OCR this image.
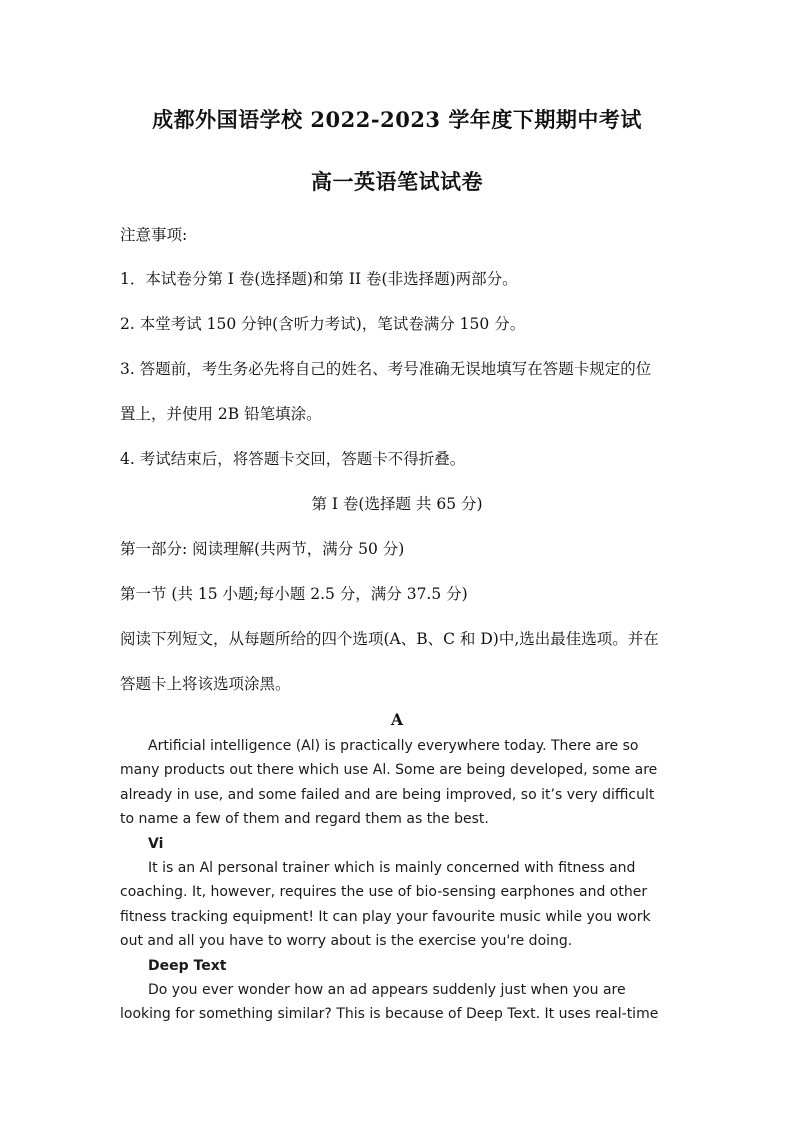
成都外国语学校 2022-2023 学年度下期期中考试
高一英语笔试试卷
注意事项:
1．本试卷分第 I 卷(选择题)和第 II 卷(非选择题)两部分。
2. 本堂考试 150 分钟(含听力考试)，笔试卷满分 150 分。
3. 答题前，考生务必先将自己的姓名、考号准确无误地填写在答题卡规定的位
置上，并使用 2B 铅笔填涂。
4. 考试结束后，将答题卡交回，答题卡不得折叠。
第 I 卷(选择题 共 65 分)
第一部分: 阅读理解(共两节，满分 50 分)
第一节 (共 15 小题;每小题 2.5 分，满分 37.5 分)
阅读下列短文，从每题所给的四个选项(A、B、C 和 D)中,选出最佳选项。并在
答题卡上将该选项涂黑。
A
Artificial intelligence (Al) is practically everywhere today. There are so
many products out there which use Al. Some are being developed, some are
already in use, and some failed and are being improved, so it’s very difficult
to name a few of them and regard them as the best.
Vi
It is an Al personal trainer which is mainly concerned with fitness and
coaching. It, however, requires the use of bio-sensing earphones and other
fitness tracking equipment! It can play your favourite music while you work
out and all you have to worry about is the exercise you're doing.
Deep Text
Do you ever wonder how an ad appears suddenly just when you are
looking for something similar? This is because of Deep Text. It uses real-time
